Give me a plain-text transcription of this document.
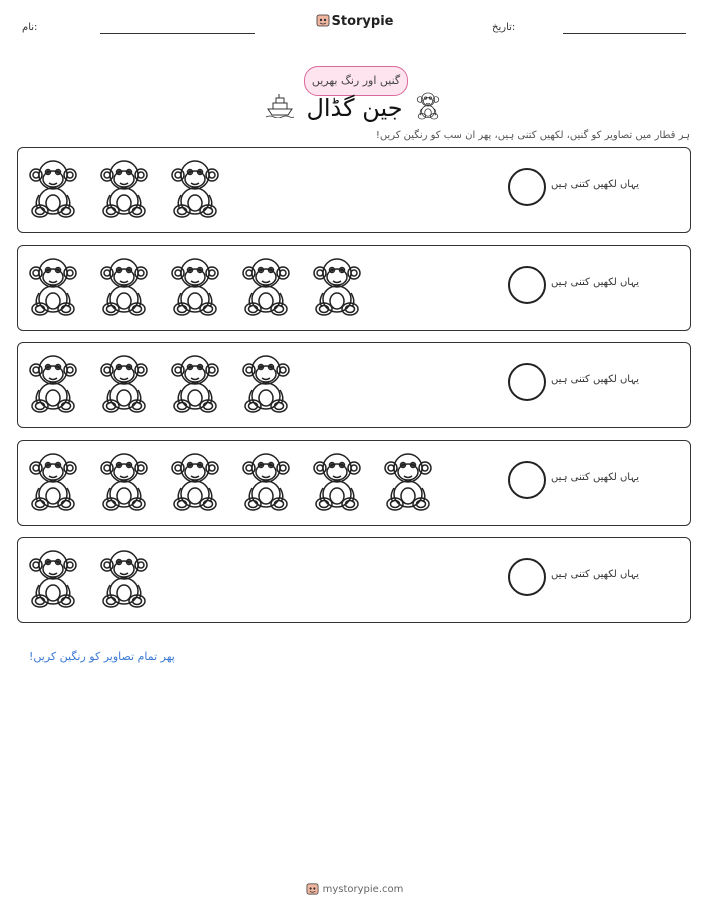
نام:	Storypie	تاریخ:
گنیں اور رنگ بھریں
جین گڈال
ہر قطار میں تصاویر کو گنیں، لکھیں کتنی ہیں، پھر ان سب کو رنگین کریں!
یہاں لکھیں کتنی ہیں
یہاں لکھیں کتنی ہیں
یہاں لکھیں کتنی ہیں
یہاں لکھیں کتنی ہیں
یہاں لکھیں کتنی ہیں
پھر تمام تصاویر کو رنگین کریں!
mystorypie.com
